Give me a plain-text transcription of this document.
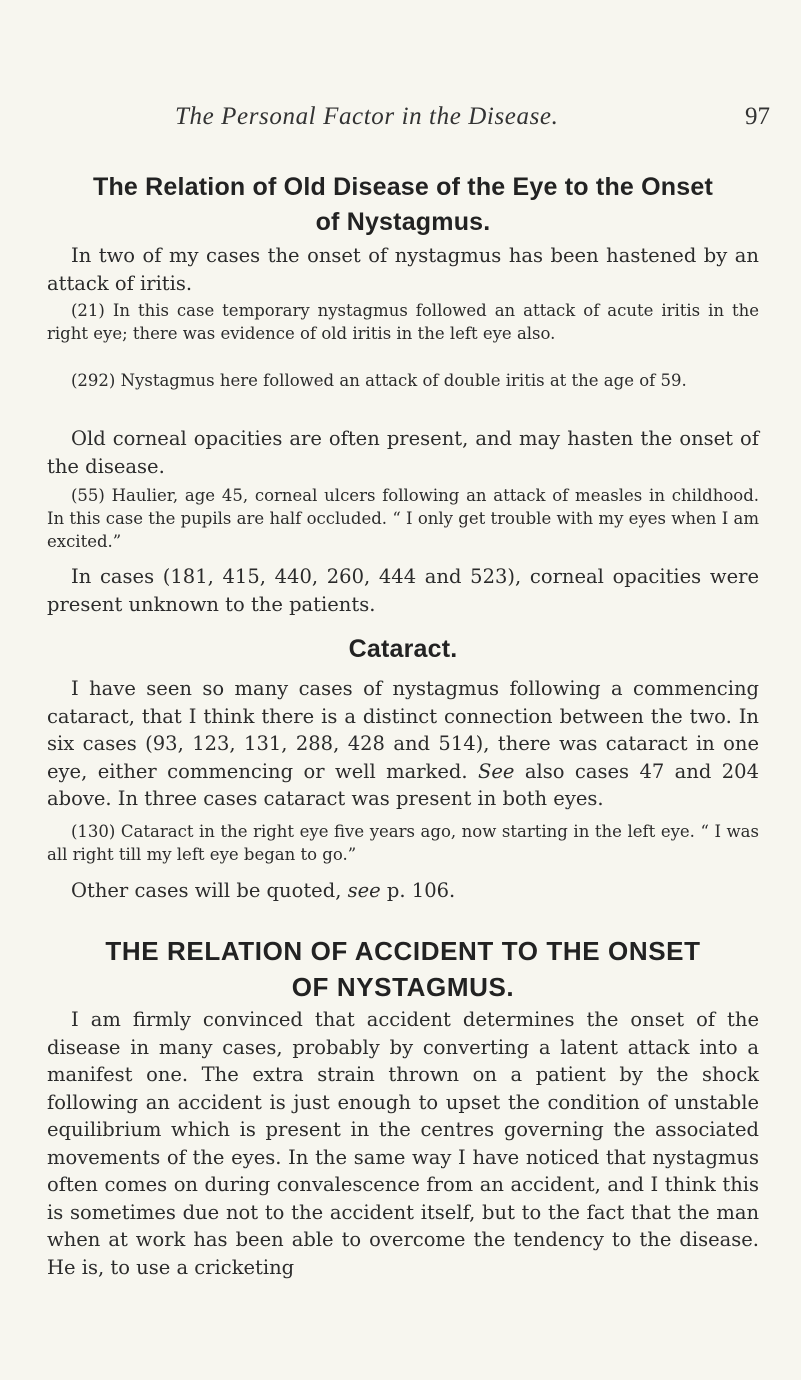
The Personal Factor in the Disease.	97
The Relation of Old Disease of the Eye to the Onset of Nystagmus.
In two of my cases the onset of nystagmus has been hastened by an attack of iritis.
(21) In this case temporary nystagmus followed an attack of acute iritis in the right eye; there was evidence of old iritis in the left eye also.
(292) Nystagmus here followed an attack of double iritis at the age of 59.
Old corneal opacities are often present, and may hasten the onset of the disease.
(55) Haulier, age 45, corneal ulcers following an attack of measles in childhood. In this case the pupils are half occluded. “ I only get trouble with my eyes when I am excited.”
In cases (181, 415, 440, 260, 444 and 523), corneal opacities were present unknown to the patients.
Cataract.
I have seen so many cases of nystagmus following a commencing cataract, that I think there is a distinct connection between the two. In six cases (93, 123, 131, 288, 428 and 514), there was cataract in one eye, either commencing or well marked. See also cases 47 and 204 above. In three cases cataract was present in both eyes.
(130) Cataract in the right eye five years ago, now starting in the left eye. “ I was all right till my left eye began to go.”
Other cases will be quoted, see p. 106.
THE RELATION OF ACCIDENT TO THE ONSET OF NYSTAGMUS.
I am firmly convinced that accident determines the onset of the disease in many cases, probably by converting a latent attack into a manifest one. The extra strain thrown on a patient by the shock following an accident is just enough to upset the condition of unstable equilibrium which is present in the centres governing the associated movements of the eyes. In the same way I have noticed that nystagmus often comes on during convalescence from an accident, and I think this is sometimes due not to the accident itself, but to the fact that the man when at work has been able to overcome the tendency to the disease. He is, to use a cricketing
